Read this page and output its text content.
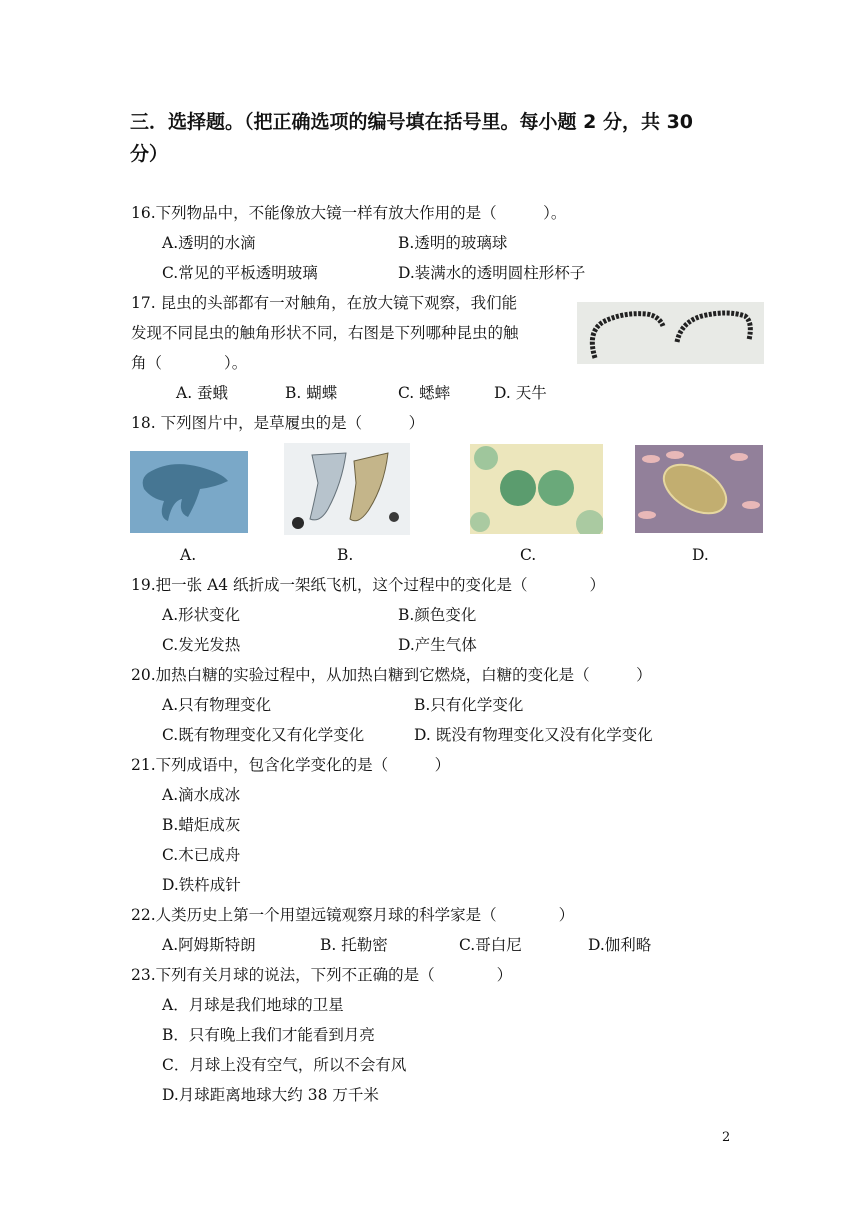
三．选择题。（把正确选项的编号填在括号里。每小题 2 分，共 30
分）
16.下列物品中，不能像放大镜一样有放大作用的是（　　　）。
A.透明的水滴	B.透明的玻璃球
C.常见的平板透明玻璃	D.装满水的透明圆柱形杯子
17. 昆虫的头部都有一对触角，在放大镜下观察，我们能
发现不同昆虫的触角形状不同，右图是下列哪种昆虫的触
角（　　　　）。
A. 蚕蛾	B. 蝴蝶	C. 蟋蟀	D. 天牛
18. 下列图片中，是草履虫的是（　　　）
A.	B.	C.	D.
19.把一张 A4 纸折成一架纸飞机，这个过程中的变化是（　　　　）
A.形状变化	B.颜色变化
C.发光发热	D.产生气体
20.加热白糖的实验过程中，从加热白糖到它燃烧，白糖的变化是（　　　）
A.只有物理变化	B.只有化学变化
C.既有物理变化又有化学变化	D. 既没有物理变化又没有化学变化
21.下列成语中，包含化学变化的是（　　　）
A.滴水成冰
B.蜡炬成灰
C.木已成舟
D.铁杵成针
22.人类历史上第一个用望远镜观察月球的科学家是（　　　　）
A.阿姆斯特朗	B. 托勒密	C.哥白尼	D.伽利略
23.下列有关月球的说法，下列不正确的是（　　　　）
A．月球是我们地球的卫星
B．只有晚上我们才能看到月亮
C．月球上没有空气，所以不会有风
D.月球距离地球大约 38 万千米
2
